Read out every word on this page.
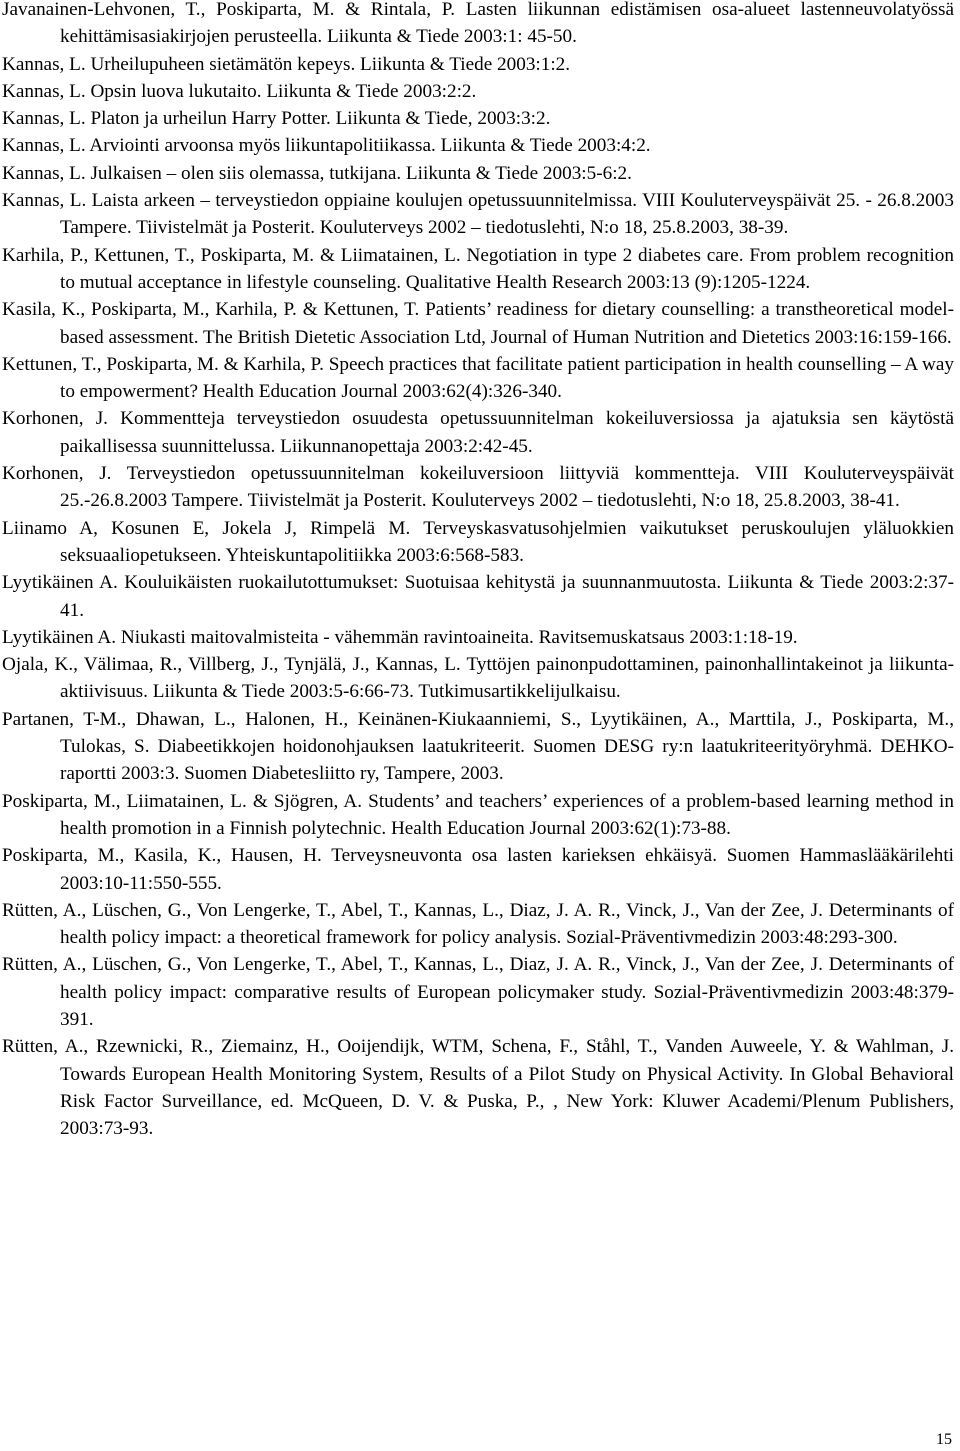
Javanainen-Lehvonen, T., Poskiparta, M. & Rintala, P. Lasten liikunnan edistämisen osa-alueet lastenneuvolatyössä kehittämisasiakirjojen perusteella. Liikunta & Tiede 2003:1: 45-50.
Kannas, L. Urheilupuheen sietämätön kepeys. Liikunta & Tiede 2003:1:2.
Kannas, L. Opsin luova lukutaito. Liikunta & Tiede 2003:2:2.
Kannas, L. Platon ja urheilun Harry Potter. Liikunta & Tiede, 2003:3:2.
Kannas, L. Arviointi arvoonsa myös liikuntapolitiikassa. Liikunta & Tiede 2003:4:2.
Kannas, L. Julkaisen – olen siis olemassa, tutkijana. Liikunta & Tiede 2003:5-6:2.
Kannas, L. Laista arkeen – terveystiedon oppiaine koulujen opetussuunnitelmissa. VIII Kouluterveyspäivät 25. - 26.8.2003 Tampere. Tiivistelmät ja Posterit. Kouluterveys 2002 – tiedotuslehti, N:o 18, 25.8.2003, 38-39.
Karhila, P., Kettunen, T., Poskiparta, M. & Liimatainen, L. Negotiation in type 2 diabetes care. From problem recognition to mutual acceptance in lifestyle counseling. Qualitative Health Research 2003:13 (9):1205-1224.
Kasila, K., Poskiparta, M., Karhila, P. & Kettunen, T. Patients’ readiness for dietary counselling: a transtheoretical model-based assessment. The British Dietetic Association Ltd, Journal of Human Nutrition and Dietetics 2003:16:159-166.
Kettunen, T., Poskiparta, M. & Karhila, P. Speech practices that facilitate patient participation in health counselling – A way to empowerment? Health Education Journal 2003:62(4):326-340.
Korhonen, J. Kommentteja terveystiedon osuudesta opetussuunnitelman kokeiluversiossa ja ajatuksia sen käytöstä paikallisessa suunnittelussa. Liikunnanopettaja 2003:2:42-45.
Korhonen, J. Terveystiedon opetussuunnitelman kokeiluversioon liittyviä kommentteja. VIII Kouluterveyspäivät 25.-26.8.2003 Tampere. Tiivistelmät ja Posterit. Kouluterveys 2002 – tiedotuslehti, N:o 18, 25.8.2003, 38-41.
Liinamo A, Kosunen E, Jokela J, Rimpelä M. Terveyskasvatusohjelmien vaikutukset peruskoulujen yläluokkien seksuaaliopetukseen. Yhteiskuntapolitiikka 2003:6:568-583.
Lyytikäinen A. Kouluikäisten ruokailutottumukset: Suotuisaa kehitystä ja suunnanmuutosta. Liikunta & Tiede 2003:2:37-41.
Lyytikäinen A. Niukasti maitovalmisteita - vähemmän ravintoaineita. Ravitsemuskatsaus 2003:1:18-19.
Ojala, K., Välimaa, R., Villberg, J., Tynjälä, J., Kannas, L. Tyttöjen painonpudottaminen, painonhallintakeinot ja liikunta-aktiivisuus. Liikunta & Tiede 2003:5-6:66-73. Tutkimusartikkelijulkaisu.
Partanen, T-M., Dhawan, L., Halonen, H., Keinänen-Kiukaanniemi, S., Lyytikäinen, A., Marttila, J., Poskiparta, M., Tulokas, S. Diabeetikkojen hoidonohjauksen laatukriteerit. Suomen DESG ry:n laatukriteerityöryhmä. DEHKO-raportti 2003:3. Suomen Diabetesliitto ry, Tampere, 2003.
Poskiparta, M., Liimatainen, L. & Sjögren, A. Students’ and teachers’ experiences of a problem-based learning method in health promotion in a Finnish polytechnic. Health Education Journal 2003:62(1):73-88.
Poskiparta, M., Kasila, K., Hausen, H. Terveysneuvonta osa lasten karieksen ehkäisyä. Suomen Hammaslääkärilehti 2003:10-11:550-555.
Rütten, A., Lüschen, G., Von Lengerke, T., Abel, T., Kannas, L., Diaz, J. A. R., Vinck, J., Van der Zee, J. Determinants of health policy impact: a theoretical framework for policy analysis. Sozial-Präventivmedizin 2003:48:293-300.
Rütten, A., Lüschen, G., Von Lengerke, T., Abel, T., Kannas, L., Diaz, J. A. R., Vinck, J., Van der Zee, J. Determinants of health policy impact: comparative results of European policymaker study. Sozial-Präventivmedizin 2003:48:379-391.
Rütten, A., Rzewnicki, R., Ziemainz, H., Ooijendijk, WTM, Schena, F., Ståhl, T., Vanden Auweele, Y. & Wahlman, J. Towards European Health Monitoring System, Results of a Pilot Study on Physical Activity. In Global Behavioral Risk Factor Surveillance, ed. McQueen, D. V. & Puska, P., , New York: Kluwer Academi/Plenum Publishers, 2003:73-93.
15
